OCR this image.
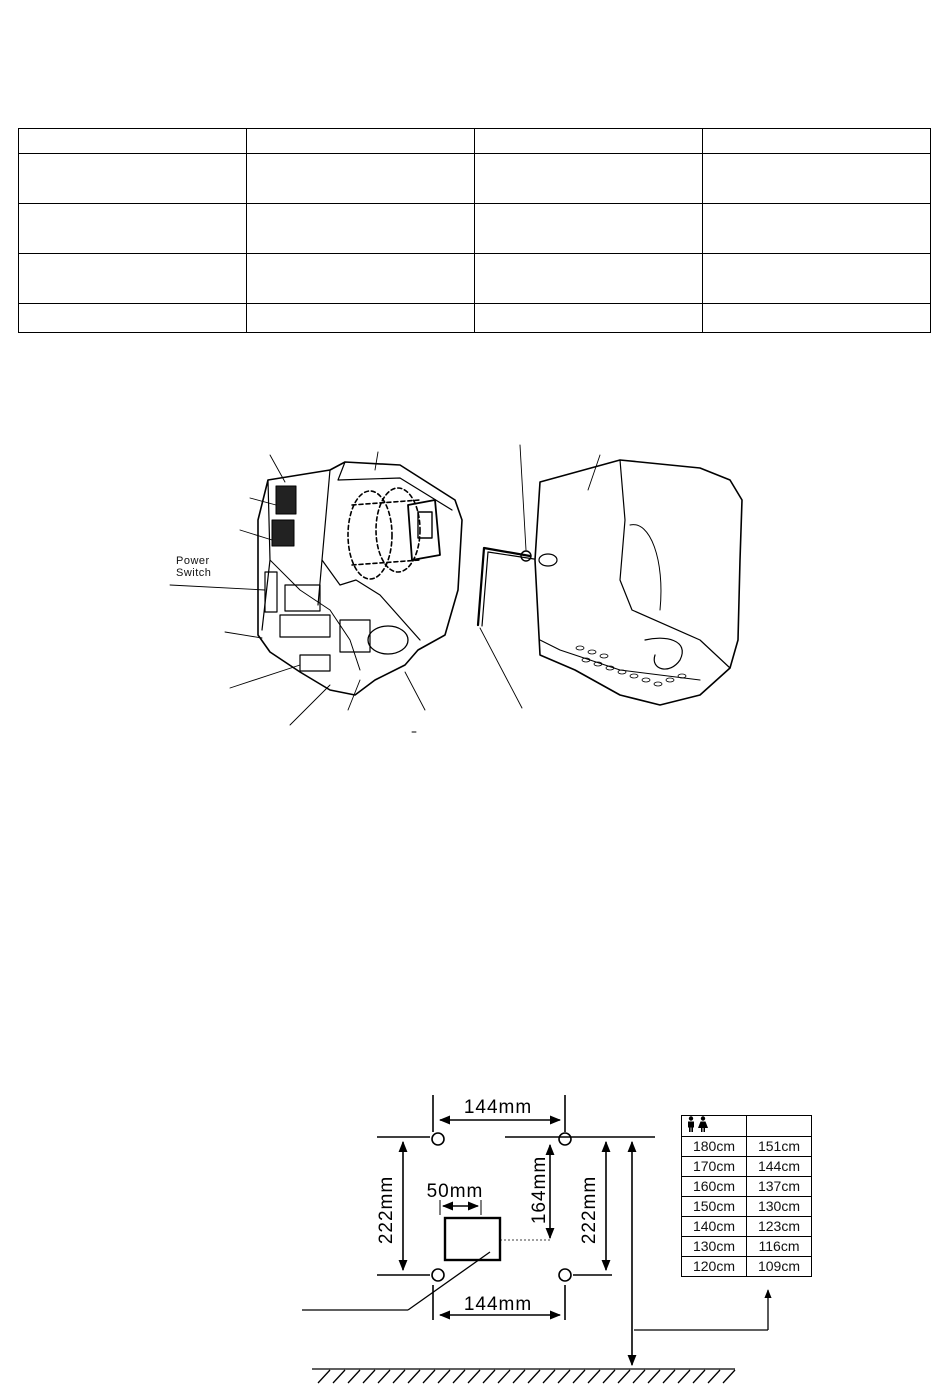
Power
Switch
144mm
144mm
50mm
222mm	222mm
164mm

180cm	151cm
170cm	144cm
160cm	137cm
150cm	130cm
140cm	123cm
130cm	116cm
120cm	109cm
